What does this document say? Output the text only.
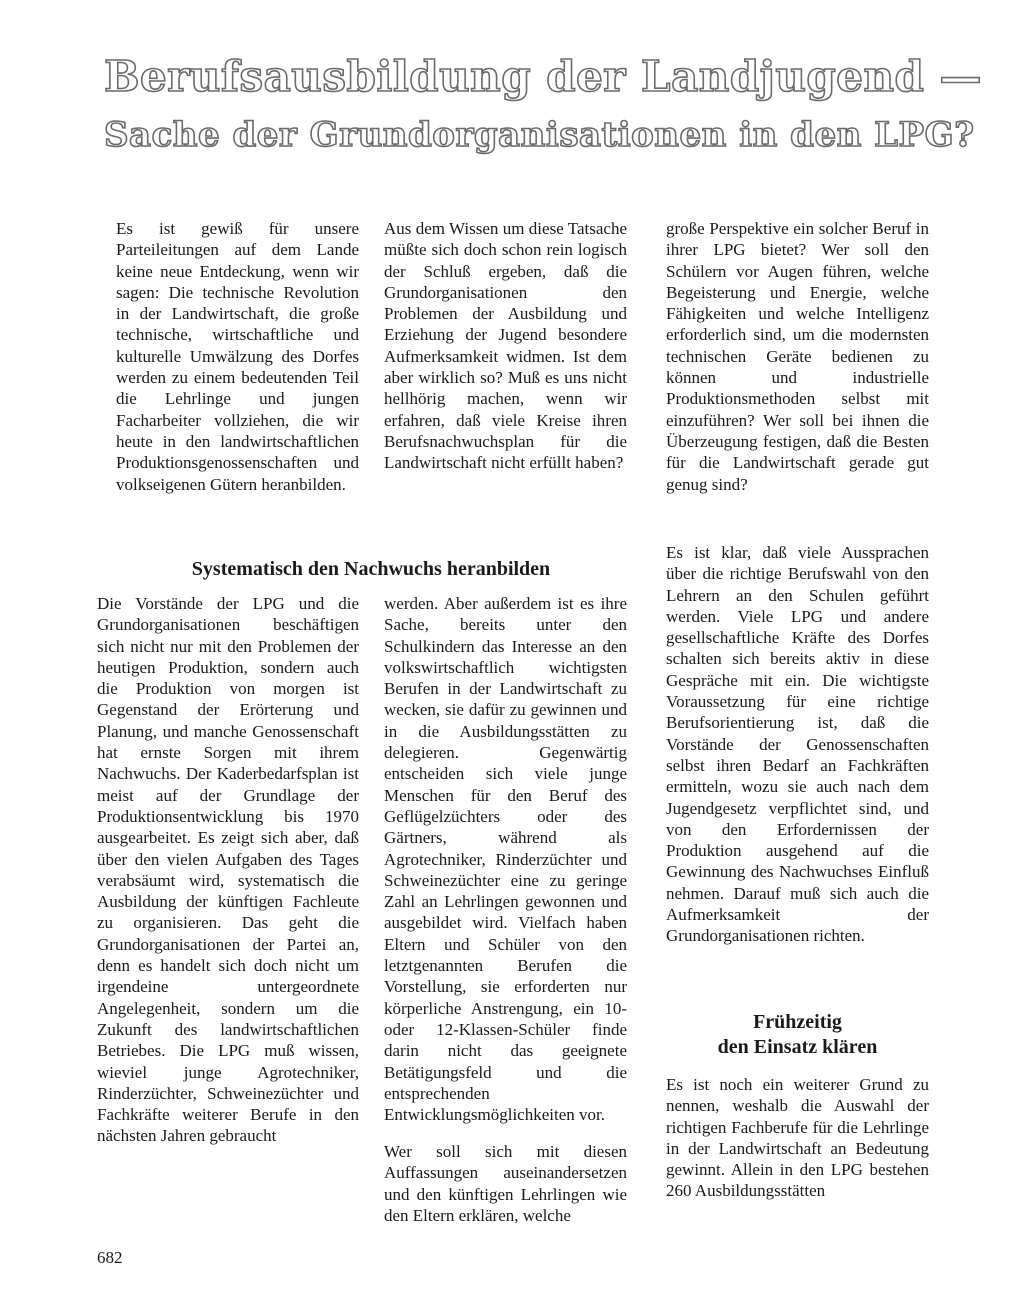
Berufsausbildung der Landjugend —
Sache der Grundorganisationen in den LPG?

Es ist gewiß für unsere Parteileitungen auf dem Lande keine neue Entdeckung, wenn wir sagen: Die technische Revolution in der Landwirtschaft, die große technische, wirtschaftliche und kulturelle Umwälzung des Dorfes werden zu einem bedeutenden Teil die Lehrlinge und jungen Facharbeiter vollziehen, die wir heute in den landwirtschaftlichen Produktionsgenossenschaften und volkseigenen Gütern heranbilden.

Aus dem Wissen um diese Tatsache müßte sich doch schon rein logisch der Schluß ergeben, daß die Grundorganisationen den Problemen der Ausbildung und Erziehung der Jugend besondere Aufmerksamkeit widmen. Ist dem aber wirklich so? Muß es uns nicht hellhörig machen, wenn wir erfahren, daß viele Kreise ihren Berufsnachwuchsplan für die Landwirtschaft nicht erfüllt haben?

große Perspektive ein solcher Beruf in ihrer LPG bietet? Wer soll den Schülern vor Augen führen, welche Begeisterung und Energie, welche Fähigkeiten und welche Intelligenz erforderlich sind, um die modernsten technischen Geräte bedienen zu können und industrielle Produktionsmethoden selbst mit einzuführen? Wer soll bei ihnen die Überzeugung festigen, daß die Besten für die Landwirtschaft gerade gut genug sind?

Es ist klar, daß viele Aussprachen über die richtige Berufswahl von den Lehrern an den Schulen geführt werden. Viele LPG und andere gesellschaftliche Kräfte des Dorfes schalten sich bereits aktiv in diese Gespräche mit ein. Die wichtigste Voraussetzung für eine richtige Berufsorientierung ist, daß die Vorstände der Genossenschaften selbst ihren Bedarf an Fachkräften ermitteln, wozu sie auch nach dem Jugendgesetz verpflichtet sind, und von den Erfordernissen der Produktion ausgehend auf die Gewinnung des Nachwuchses Einfluß nehmen. Darauf muß sich auch die Aufmerksamkeit der Grundorganisationen richten.

Systematisch den Nachwuchs heranbilden

Die Vorstände der LPG und die Grundorganisationen beschäftigen sich nicht nur mit den Problemen der heutigen Produktion, sondern auch die Produktion von morgen ist Gegenstand der Erörterung und Planung, und manche Genossenschaft hat ernste Sorgen mit ihrem Nachwuchs. Der Kaderbedarfsplan ist meist auf der Grundlage der Produktionsentwicklung bis 1970 ausgearbeitet. Es zeigt sich aber, daß über den vielen Aufgaben des Tages verabsäumt wird, systematisch die Ausbildung der künftigen Fachleute zu organisieren. Das geht die Grundorganisationen der Partei an, denn es handelt sich doch nicht um irgendeine untergeordnete Angelegenheit, sondern um die Zukunft des landwirtschaftlichen Betriebes. Die LPG muß wissen, wieviel junge Agrotechniker, Rinderzüchter, Schweinezüchter und Fachkräfte weiterer Berufe in den nächsten Jahren gebraucht

werden. Aber außerdem ist es ihre Sache, bereits unter den Schulkindern das Interesse an den volkswirtschaftlich wichtigsten Berufen in der Landwirtschaft zu wecken, sie dafür zu gewinnen und in die Ausbildungsstätten zu delegieren. Gegenwärtig entscheiden sich viele junge Menschen für den Beruf des Geflügelzüchters oder des Gärtners, während als Agrotechniker, Rinderzüchter und Schweinezüchter eine zu geringe Zahl an Lehrlingen gewonnen und ausgebildet wird. Vielfach haben Eltern und Schüler von den letztgenannten Berufen die Vorstellung, sie erforderten nur körperliche Anstrengung, ein 10- oder 12-Klassen-Schüler finde darin nicht das geeignete Betätigungsfeld und die entsprechenden Entwicklungsmöglichkeiten vor.

Wer soll sich mit diesen Auffassungen auseinandersetzen und den künftigen Lehrlingen wie den Eltern erklären, welche

Frühzeitig
den Einsatz klären

Es ist noch ein weiterer Grund zu nennen, weshalb die Auswahl der richtigen Fachberufe für die Lehrlinge in der Landwirtschaft an Bedeutung gewinnt. Allein in den LPG bestehen 260 Ausbildungsstätten

682
